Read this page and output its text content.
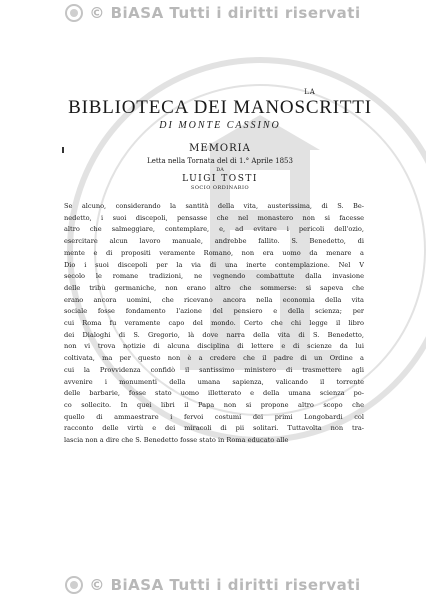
© BiASA Tutti i diritti riservati
LA
BIBLIOTECA DEI MANOSCRITTI
DI MONTE CASSINO
MEMORIA
Letta nella Tornata del di 1.° Aprile 1853
DA
LUIGI TOSTI
SOCIO ORDINARIO
Se alcuno, considerando la santità della vita, austerissima, di S. Be-
nedetto, i suoi discepoli, pensasse che nel monastero non si facesse
altro che salmeggiare, contemplare, e, ad evitare i pericoli dell'ozio,
esercitare alcun lavoro manuale, andrebbe fallito. S. Benedetto, di
mente e di propositi veramente Romano, non era uomo da menare a
Dio i suoi discepoli per la via di una inerte contemplazione. Nel V
secolo le romane tradizioni, ne vegnendo combattute dalla invasione
delle tribù germaniche, non erano altro che sommerse: si sapeva che
erano ancora uomini, che ricevano ancora nella economia della vita
sociale fosse fondamento l'azione del pensiero e della scienza; per
cui Roma fu veramente capo del mondo. Certo che chi legge il libro
dei Dialoghi di S. Gregorio, là dove narra della vita di S. Benedetto,
non vi trova notizie di alcuna disciplina di lettere e di scienze da lui
coltivata, ma per questo non è a credere che il padre di un Ordine a
cui la Provvidenza confidò il santissimo ministero di trasmettere agli
avvenire i monumenti della umana sapienza, valicando il torrente
delle barbarie, fosse stato uomo illetterato e della umana scienza po-
co sollecito. In quei libri il Papa non si propone altro scopo che
quello di ammaestrare i fervoi costumi dei primi Longobardi col
racconto delle virtù e dei miracoli di pii solitari. Tuttavolta non tra-
lascia non a dire che S. Benedetto fosse stato in Roma educato alle
© BiASA Tutti i diritti riservati
